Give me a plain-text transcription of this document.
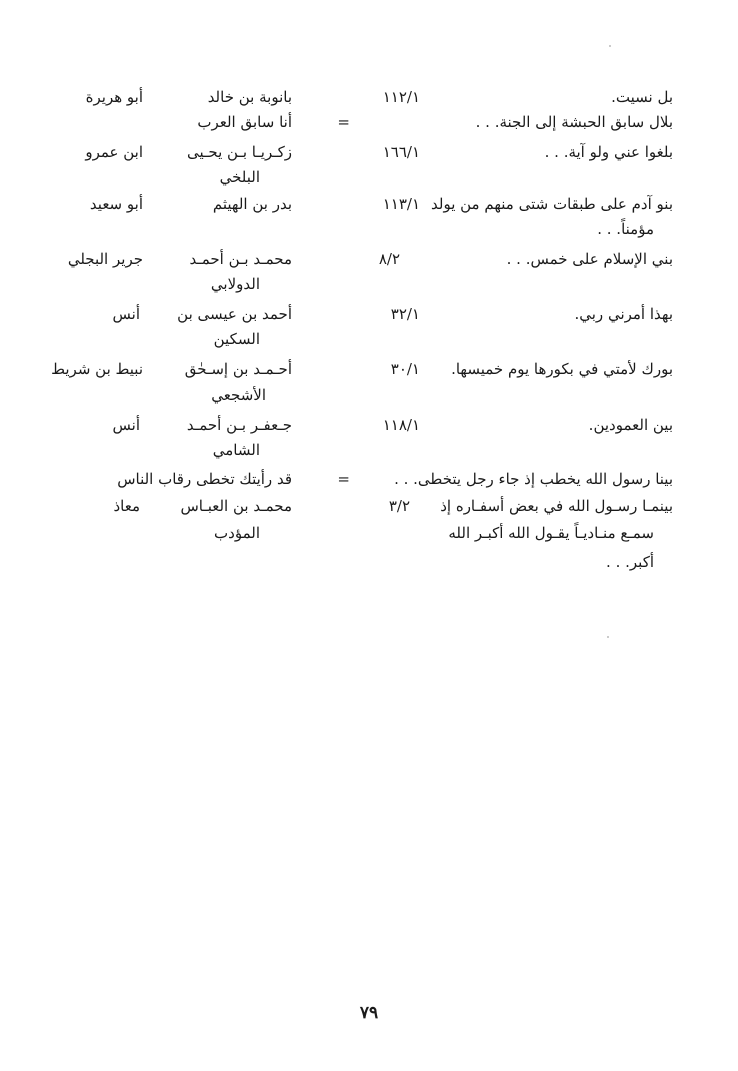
بل نسيت.
١١٢/١
بانوبة بن خالد
أبو هريرة
بلال سابق الحبشة إلى الجنة. . .
=
أنا سابق العرب
بلغوا عني ولو آية. . .
١٦٦/١
زكـريـا بـن يحـيى
ابن عمرو
البلخي
بنو آدم على طبقات شتى منهم من يولد
١١٣/١
بدر بن الهيثم
أبو سعيد
مؤمناً. . .
بني الإسلام على خمس. . .
٨/٢
محمـد بـن أحمـد
جرير البجلي
الدولابي
بهذا أمرني ربي.
٣٢/١
أحمد بن عيسى بن
أنس
السكين
بورك لأمتي في بكورها يوم خميسها.
٣٠/١
أحـمـد بن إسـحٰق
نبيط بن شريط
الأشجعي
بين العمودين.
١١٨/١
جـعفـر بـن أحمـد
أنس
الشامي
بينا رسول الله يخطب إذ جاء رجل يتخطى. . .
=
قد رأيتك تخطى رقاب الناس
بينمـا رسـول الله في بعض أسفـاره إذ
٣/٢
محمـد بن العبـاس
معاذ
سمـع منـاديـاً يقـول الله أكبـر الله
المؤدب
أكبر. . .
٧٩
